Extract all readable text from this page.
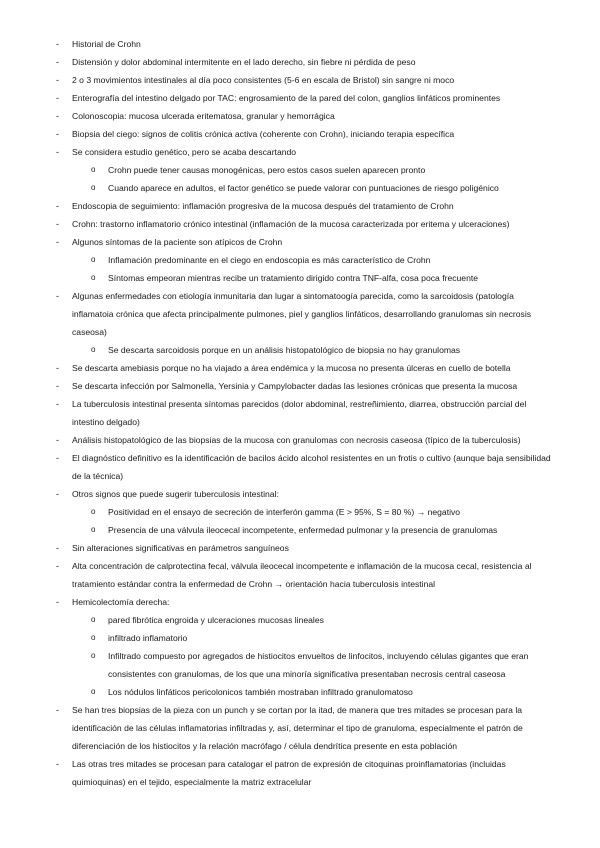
- Historial de Crohn
- Distensión y dolor abdominal intermitente en el lado derecho, sin fiebre ni pérdida de peso
- 2 o 3 movimientos intestinales al día poco consistentes (5-6 en escala de Bristol) sin sangre ni moco
- Enterografía del intestino delgado por TAC: engrosamiento de la pared del colon, ganglios linfáticos prominentes
- Colonoscopia: mucosa ulcerada eritematosa, granular y hemorrágica
- Biopsia del ciego: signos de colitis crónica activa (coherente con Crohn), iniciando terapia específica
- Se considera estudio genético, pero se acaba descartando
o Crohn puede tener causas monogénicas, pero estos casos suelen aparecen pronto
o Cuando aparece en adultos, el factor genético se puede valorar con puntuaciones de riesgo poligénico
- Endoscopia de seguimiento: inflamación progresiva de la mucosa después del tratamiento de Crohn
- Crohn: trastorno inflamatorio crónico intestinal (inflamación de la mucosa caracterizada por eritema y ulceraciones)
- Algunos síntomas de la paciente son atípicos de Crohn
o Inflamación predominante en el ciego en endoscopia es más característico de Crohn
o Síntomas empeoran mientras recibe un tratamiento dirigido contra TNF-alfa, cosa poca frecuente
- Algunas enfermedades con etiología inmunitaria dan lugar a sintomatoogía parecida, como la sarcoidosis (patología inflamatoia crónica que afecta principalmente pulmones, piel y ganglios linfáticos, desarrollando granulomas sin necrosis caseosa)
o Se descarta sarcoidosis porque en un análisis histopatológico de biopsia no hay granulomas
- Se descarta amebiasis porque no ha viajado a área endémica y la mucosa no presenta úlceras en cuello de botella
- Se descarta infección por Salmonella, Yersinia y Campylobacter dadas las lesiones crónicas que presenta la mucosa
- La tuberculosis intestinal presenta síntomas parecidos (dolor abdominal, restreñimiento, diarrea, obstrucción parcial del intestino delgado)
- Análisis histopatológico de las biopsias de la mucosa con granulomas con necrosis caseosa (típico de la tuberculosis)
- El diagnóstico definitivo es la identificación de bacilos ácido alcohol resistentes en un frotis o cultivo (aunque baja sensibilidad de la técnica)
- Otros signos que puede sugerir tuberculosis intestinal:
o Positividad en el ensayo de secreción de interferón gamma (E > 95%, S = 80 %) → negativo
o Presencia de una válvula ileocecal incompetente, enfermedad pulmonar y la presencia de granulomas
- Sin alteraciones significativas en parámetros sanguíneos
- Alta concentración de calprotectina fecal, válvula ileocecal incompetente e inflamación de la mucosa cecal, resistencia al tratamiento estándar contra la enfermedad de Crohn → orientación hacia tuberculosis intestinal
- Hemicolectomía derecha:
o pared fibrótica engroida y ulceraciones mucosas lineales
o infiltrado inflamatorio
o Infiltrado compuesto por agregados de histiocitos envueltos de linfocitos, incluyendo células gigantes que eran consistentes con granulomas, de los que una minoría significativa presentaban necrosis central caseosa
o Los nódulos linfáticos pericolonicos también mostraban infiltrado granulomatoso
- Se han tres biopsias de la pieza con un punch y se cortan por la itad, de manera que tres mitades se procesan para la identificación de las células inflamatorias infiltradas y, así, determinar el tipo de granuloma, especialmente el patrón de diferenciación de los histiocitos y la relación macrófago / célula dendrítica presente en esta población
- Las otras tres mitades se procesan para catalogar el patron de expresión de citoquinas proinflamatorias (incluidas quimioquinas) en el tejido, especialmente la matriz extracelular
